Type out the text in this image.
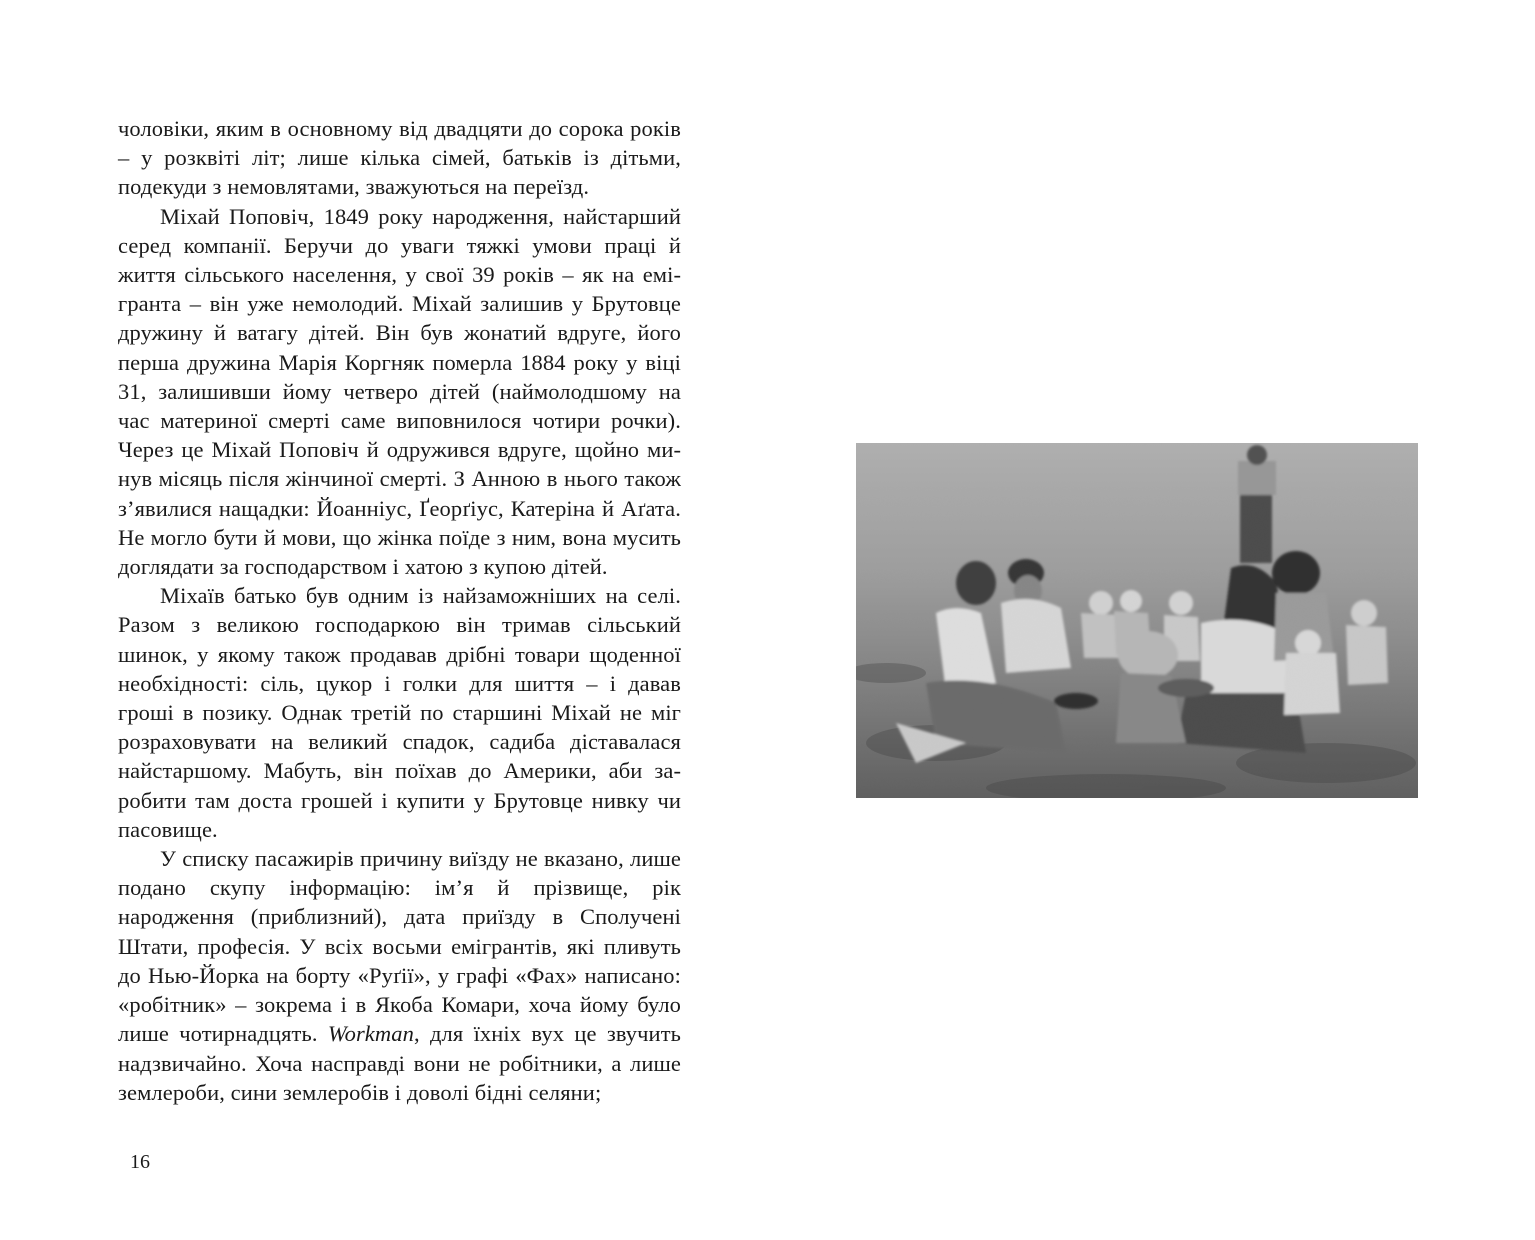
чоловіки, яким в основному від двадцяти до сорока років – у розквіті літ; лише кілька сімей, батьків із дітьми, подекуди з немовлятами, зважуються на переїзд.

Міхай Поповіч, 1849 року народження, найстарший серед компанії. Беручи до уваги тяжкі умови праці й життя сільського населення, у свої 39 років – як на емігранта – він уже немолодий. Міхай залишив у Брутовце дружину й ватагу дітей. Він був жонатий вдруге, його перша дружина Марія Коргняк померла 1884 року у віці 31, залишивши йому четверо дітей (наймолодшому на час материної смерті саме виповнилося чотири рочки). Через це Міхай Поповіч й одружився вдруге, щойно минув місяць після жінчиної смерті. З Анною в нього також з’явилися нащадки: Йоанніус, Ґеорґіус, Катеріна й Аґата. Не могло бути й мови, що жінка поїде з ним, вона мусить доглядати за господарством і хатою з купою дітей.

Міхаїв батько був одним із найзаможніших на селі. Разом з великою господаркою він тримав сільський шинок, у якому також продавав дрібні товари щоденної необхідності: сіль, цукор і голки для шиття – і давав гроші в позику. Однак третій по старшині Міхай не міг розраховувати на великий спадок, садиба діставалася найстаршому. Мабуть, він поїхав до Америки, аби заробити там доста грошей і купити у Брутовце нивку чи пасовище.

У списку пасажирів причину виїзду не вказано, лише подано скупу інформацію: ім’я й прізвище, рік народження (приблизний), дата приїзду в Сполучені Штати, професія. У всіх восьми емігрантів, які пливуть до Нью-Йорка на борту «Руґії», у графі «Фах» написано: «робітник» – зокрема і в Якоба Комари, хоча йому було лише чотирнадцять. Workman, для їхніх вух це звучить надзвичайно. Хоча насправді вони не робітники, а лише землероби, сини землеробів і доволі бідні селяни;

16
